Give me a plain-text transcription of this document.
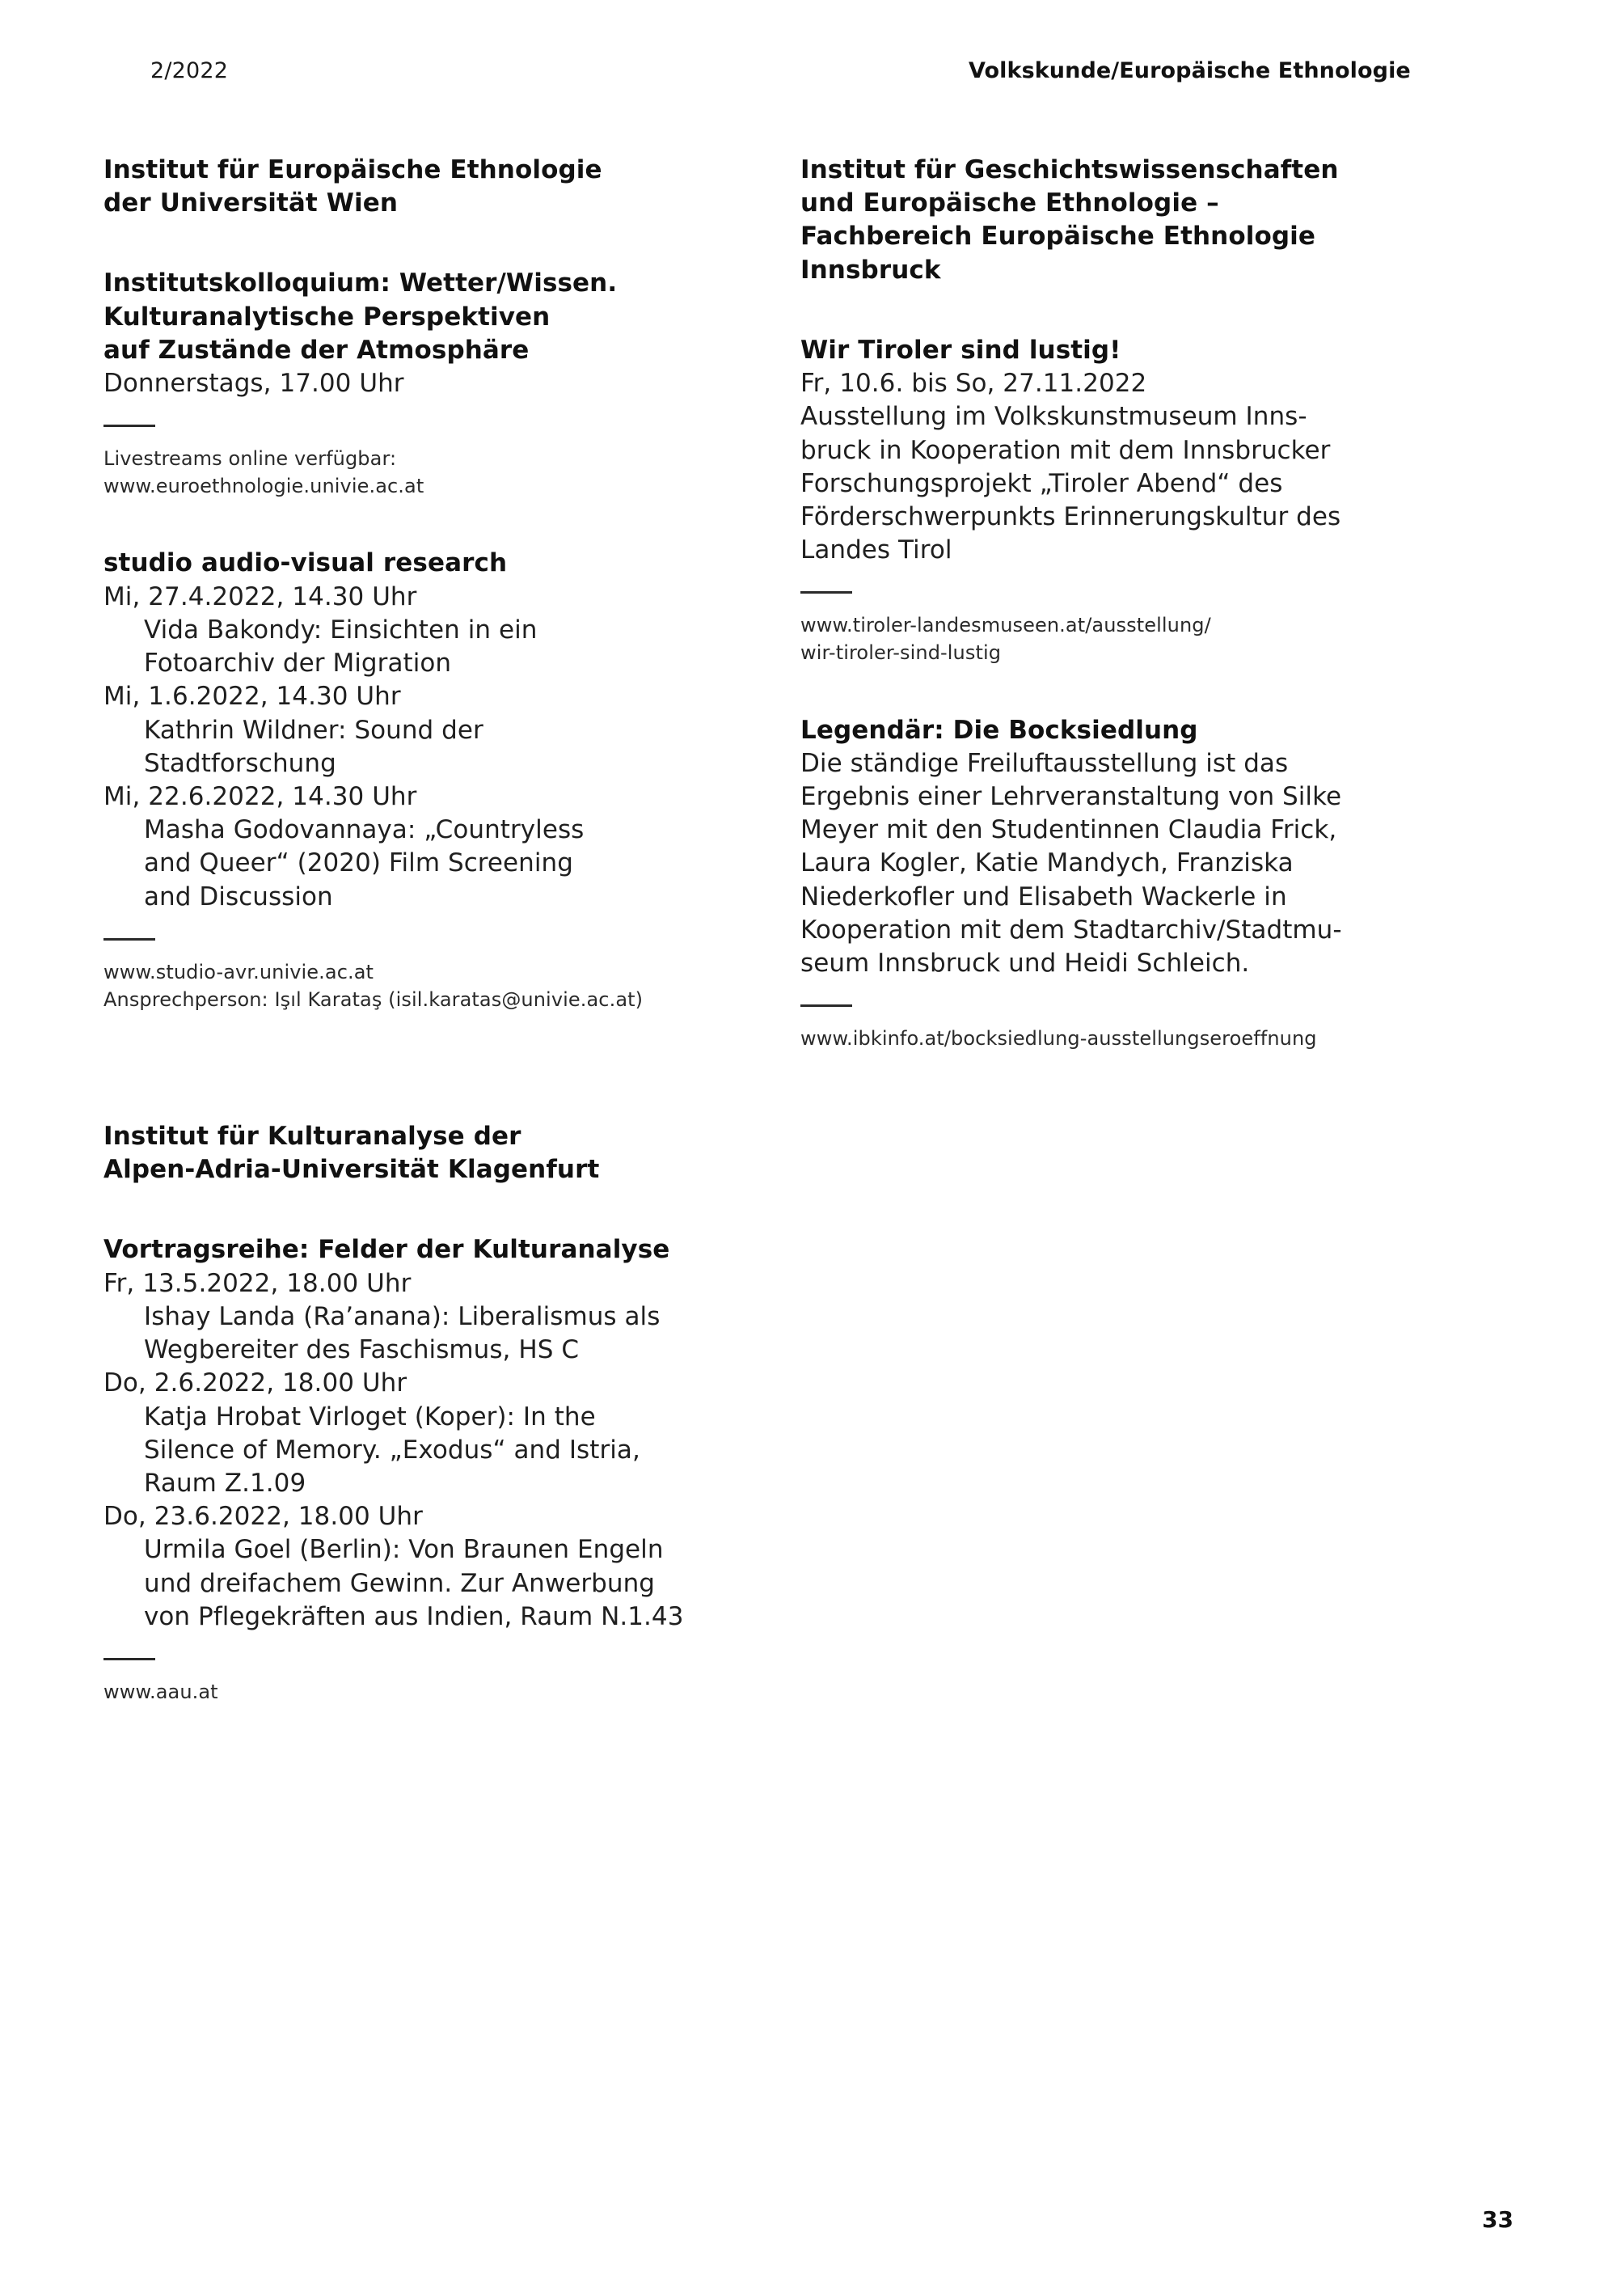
2/2022	Volkskunde/Europäische Ethnologie
Institut für Europäische Ethnologie
der Universität Wien
Institutskolloquium: Wetter/Wissen.
Kulturanalytische Perspektiven
auf Zustände der Atmosphäre

Donnerstags, 17.00 Uhr

Livestreams online verfügbar:

www.euroethnologie.univie.ac.at

studio audio-visual research

Mi, 27.4.2022, 14.30 Uhr

Vida Bakondy: Einsichten in ein

Fotoarchiv der Migration

Mi, 1.6.2022, 14.30 Uhr

Kathrin Wildner: Sound der

Stadtforschung

Mi, 22.6.2022, 14.30 Uhr

Masha Godovannaya: „Countryless

and Queer“ (2020) Film Screening

and Discussion

www.studio-avr.univie.ac.at

Ansprechperson: Işıl Karataş (isil.karatas@univie.ac.at)

Institut für Kulturanalyse der
Alpen-Adria-Universität Klagenfurt
Vortragsreihe: Felder der Kulturanalyse

Fr, 13.5.2022, 18.00 Uhr

Ishay Landa (Ra’anana): Liberalismus als

Wegbereiter des Faschismus, HS C

Do, 2.6.2022, 18.00 Uhr

Katja Hrobat Virloget (Koper): In the

Silence of Memory. „Exodus“ and Istria,

Raum Z.1.09

Do, 23.6.2022, 18.00 Uhr

Urmila Goel (Berlin): Von Braunen Engeln

und dreifachem Gewinn. Zur Anwerbung

von Pflegekräften aus Indien, Raum N.1.43

www.aau.at

Institut für Geschichtswissenschaften
und Europäische Ethnologie –
Fachbereich Europäische Ethnologie
Innsbruck
Wir Tiroler sind lustig!

Fr, 10.6. bis So, 27.11.2022

Ausstellung im Volkskunstmuseum Inns-

bruck in Kooperation mit dem Innsbrucker

Forschungsprojekt „Tiroler Abend“ des

Förderschwerpunkts Erinnerungskultur des

Landes Tirol

www.tiroler-landesmuseen.at/ausstellung/

wir-tiroler-sind-lustig

Legendär: Die Bocksiedlung

Die ständige Freiluftausstellung ist das

Ergebnis einer Lehrveranstaltung von Silke

Meyer mit den Studentinnen Claudia Frick,

Laura Kogler, Katie Mandych, Franziska

Niederkofler und Elisabeth Wackerle in

Kooperation mit dem Stadtarchiv/Stadtmu-

seum Innsbruck und Heidi Schleich.

www.ibkinfo.at/bocksiedlung-ausstellungseroeffnung

33
